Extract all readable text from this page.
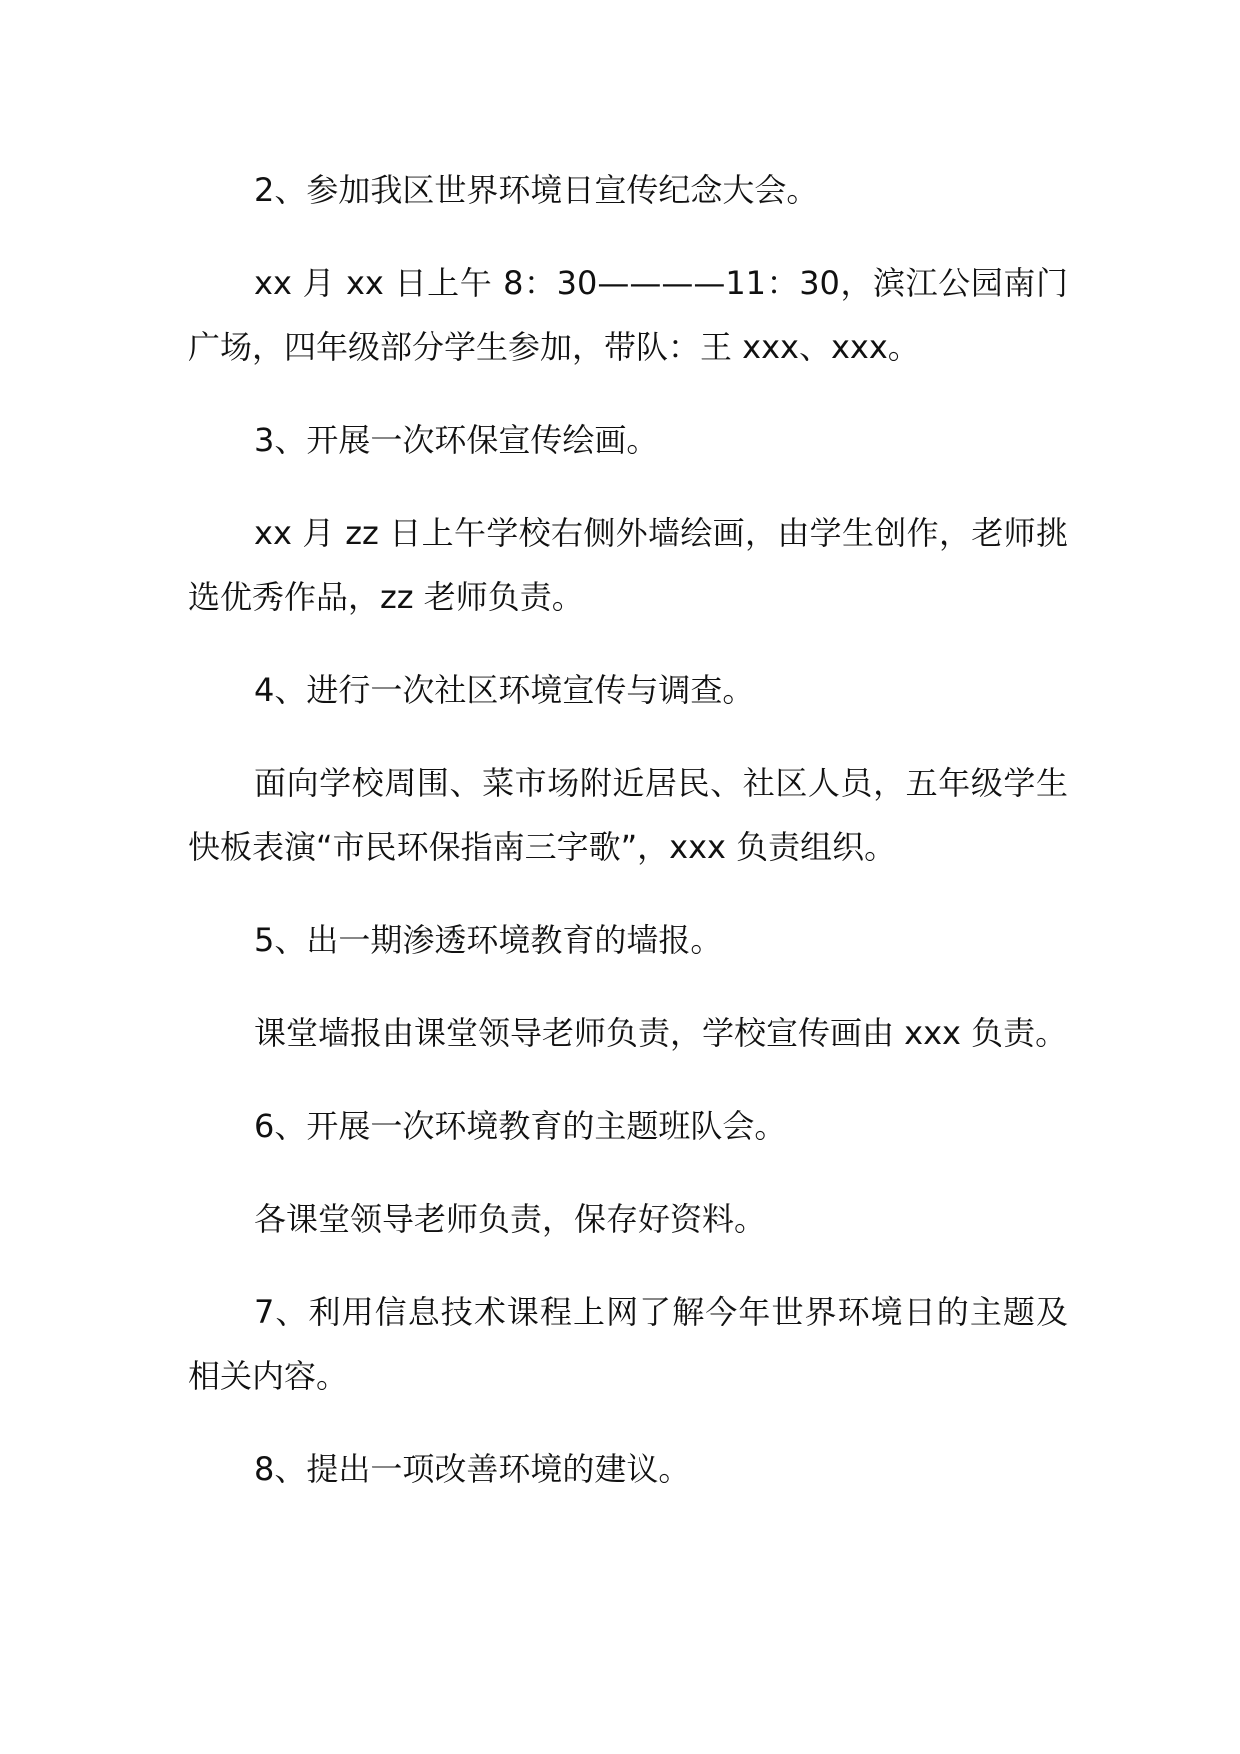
2、参加我区世界环境日宣传纪念大会。

xx 月 xx 日上午 8：30————11：30，滨江公园南门广场，四年级部分学生参加，带队：王 xxx、xxx。

3、开展一次环保宣传绘画。

xx 月 zz 日上午学校右侧外墙绘画，由学生创作，老师挑选优秀作品，zz 老师负责。

4、进行一次社区环境宣传与调查。

面向学校周围、菜市场附近居民、社区人员，五年级学生快板表演“市民环保指南三字歌”，xxx 负责组织。

5、出一期渗透环境教育的墙报。

课堂墙报由课堂领导老师负责，学校宣传画由 xxx 负责。

6、开展一次环境教育的主题班队会。

各课堂领导老师负责，保存好资料。

7、利用信息技术课程上网了解今年世界环境日的主题及相关内容。

8、提出一项改善环境的建议。
